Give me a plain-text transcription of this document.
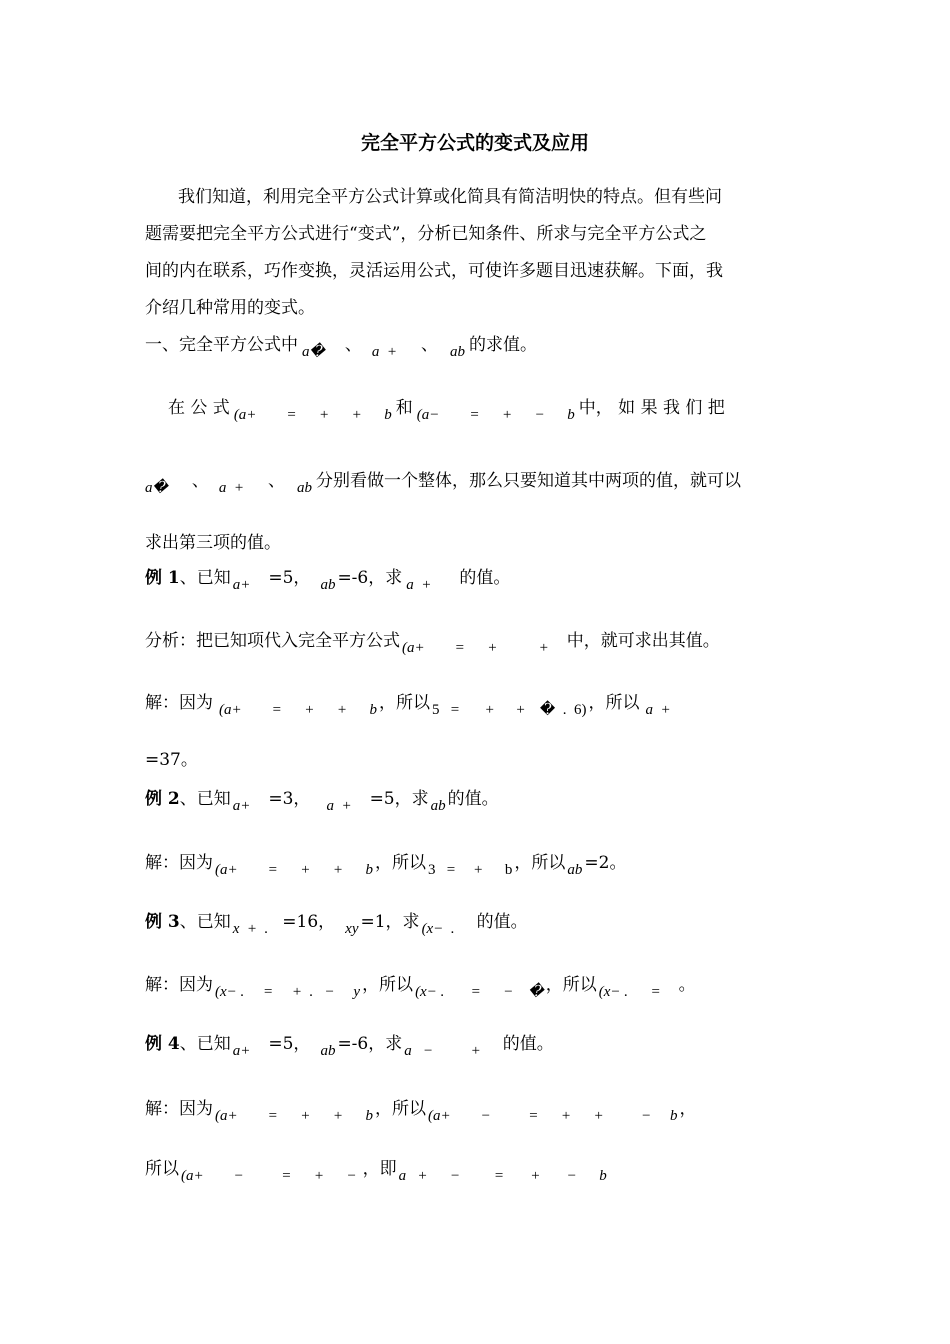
完全平方公式的变式及应用
我们知道，利用完全平方公式计算或化简具有简洁明快的特点。但有些问
题需要把完全平方公式进行“变式”，分析已知条件、所求与完全平方公式之
间的内在联系，巧作变换，灵活运用公式，可使许多题目迅速获解。下面，我
介绍几种常用的变式。
一、完全平方公式中 a� 、 a  + 、 ab 的求值。
在 公 式 (a+        =      +      +      b 和 (a−        =      +      −      b 中， 如 果 我 们 把
a� 、 a  + 、 ab 分别看做一个整体，那么只要知道其中两项的值，就可以
求出第三项的值。
例 1、已知 a+ =5， ab =-6，求 a  + 的值。
分析：把已知项代入完全平方公式 (a+        =      +           + 中，就可求出其值。
解：因为 (a+        =      +      +      b ，所以 5   =       +      +    �  .  6) ，所以 a  +
=37。
例 2、已知 a+ =3， a  + =5，求 ab 的值。
解：因为 (a+        =      +      +      b ，所以 3   =     +      b ，所以 ab =2。
例 3、已知 x  +  . =16， xy =1，求 (x−  . 的值。
解：因为 (x− .     =     +  .   −     y ，所以 (x− .       =      −    � ，所以 (x− .      = 。
例 4、已知 a+ =5， ab =-6，求 a   −          + 的值。
解：因为 (a+        =      +      +      b ，所以 (a+        −          =      +      +          −     b ，
所以 (a+        −          =      +      − ，即 a   +      −         =       +       −      b
